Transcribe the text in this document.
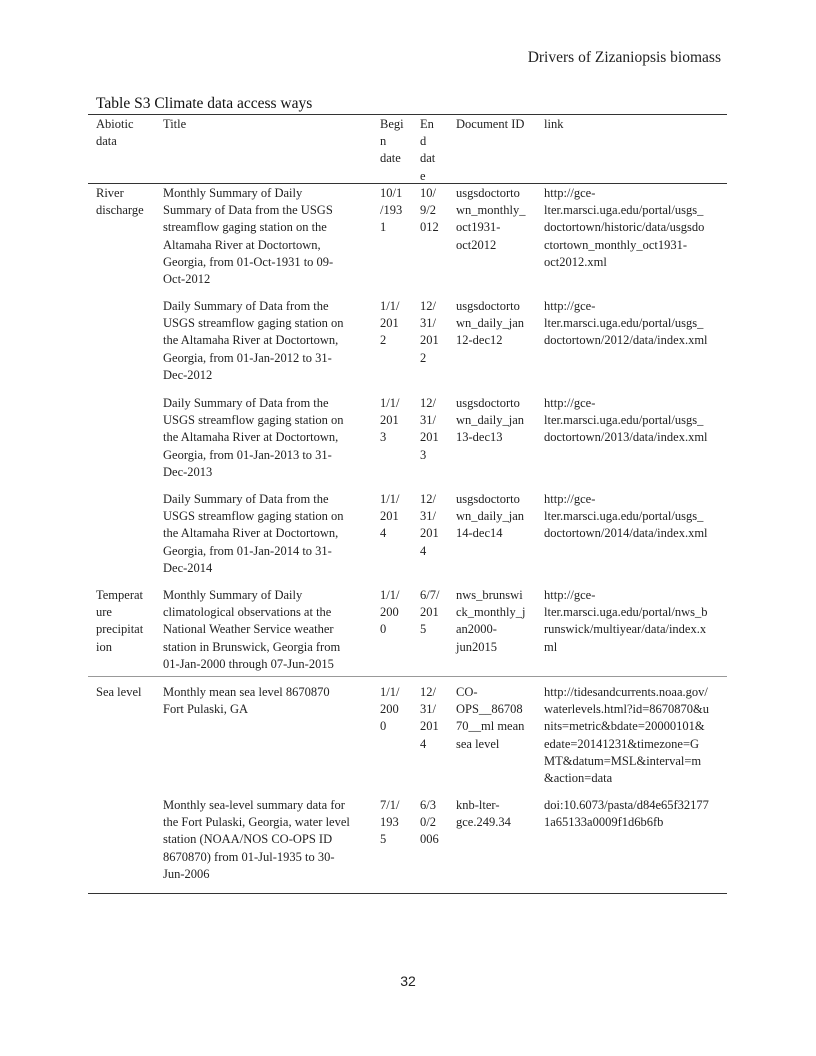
Drivers of Zizaniopsis biomass
Table S3 Climate data access ways
Abiotic
data
Title	Begi
n
date
En
d
dat
e
Document ID link
River
discharge
Monthly Summary of Daily
Summary of Data from the USGS
streamflow gaging station on the
Altamaha River at Doctortown,
Georgia, from 01-Oct-1931 to 09-
Oct-2012
10/1
/193
1
10/
9/2
012
usgsdoctorto
wn_monthly_
oct1931-
oct2012
http://gce-
lter.marsci.uga.edu/portal/usgs_
doctortown/historic/data/usgsdo
ctortown_monthly_oct1931-
oct2012.xml
Daily Summary of Data from the
USGS streamflow gaging station on
the Altamaha River at Doctortown,
Georgia, from 01-Jan-2012 to 31-
Dec-2012
1/1/
201
2
12/
31/
201
2
usgsdoctorto
wn_daily_jan
12-dec12
http://gce-
lter.marsci.uga.edu/portal/usgs_
doctortown/2012/data/index.xml
Daily Summary of Data from the
USGS streamflow gaging station on
the Altamaha River at Doctortown,
Georgia, from 01-Jan-2013 to 31-
Dec-2013
1/1/
201
3
12/
31/
201
3
usgsdoctorto
wn_daily_jan
13-dec13
http://gce-
lter.marsci.uga.edu/portal/usgs_
doctortown/2013/data/index.xml
Daily Summary of Data from the
USGS streamflow gaging station on
the Altamaha River at Doctortown,
Georgia, from 01-Jan-2014 to 31-
Dec-2014
1/1/
201
4
12/
31/
201
4
usgsdoctorto
wn_daily_jan
14-dec14
http://gce-
lter.marsci.uga.edu/portal/usgs_
doctortown/2014/data/index.xml
Temperat
ure
precipitat
ion
Monthly Summary of Daily
climatological observations at the
National Weather Service weather
station in Brunswick, Georgia from
01-Jan-2000 through 07-Jun-2015
1/1/
200
0
6/7/
201
5
nws_brunswi
ck_monthly_j
an2000-
jun2015
http://gce-
lter.marsci.uga.edu/portal/nws_b
runswick/multiyear/data/index.x
ml
Sea level Monthly mean sea level 8670870
Fort Pulaski, GA
1/1/
200
0
12/
31/
201
4
CO-
OPS__86708
70__ml mean
sea level
http://tidesandcurrents.noaa.gov/
waterlevels.html?id=8670870&u
nits=metric&bdate=20000101&
edate=20141231&timezone=G
MT&datum=MSL&interval=m
&action=data
Monthly sea-level summary data for
the Fort Pulaski, Georgia, water level
station (NOAA/NOS CO-OPS ID
8670870) from 01-Jul-1935 to 30-
Jun-2006
7/1/
193
5
6/3
0/2
006
knb-lter-
gce.249.34
doi:10.6073/pasta/d84e65f32177
1a65133a0009f1d6b6fb
32
